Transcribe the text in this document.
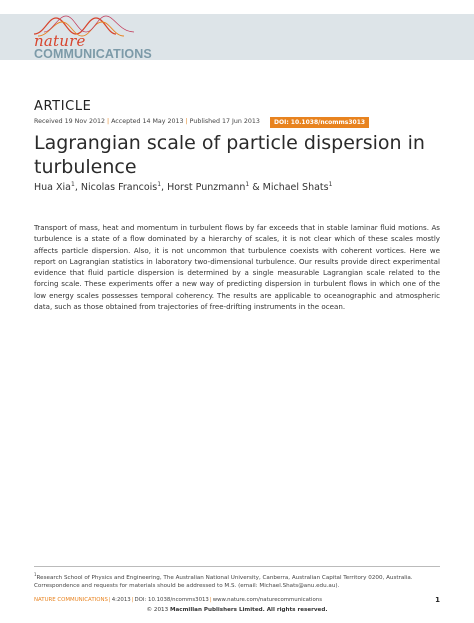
nature
COMMUNICATIONS
ARTICLE
Received 19 Nov 2012 | Accepted 14 May 2013 | Published 17 Jun 2013	DOI: 10.1038/ncomms3013
Lagrangian scale of particle dispersion in turbulence
Hua Xia$^1$, Nicolas Francois$^1$, Horst Punzmann$^1$ & Michael Shats$^1$

Transport of mass, heat and momentum in turbulent flows by far exceeds that in stable laminar fluid motions. As turbulence is a state of a flow dominated by a hierarchy of scales, it is not clear which of these scales mostly affects particle dispersion. Also, it is not uncommon that turbulence coexists with coherent vortices. Here we report on Lagrangian statistics in laboratory two-dimensional turbulence. Our results provide direct experimental evidence that fluid particle dispersion is determined by a single measurable Lagrangian scale related to the forcing scale. These experiments offer a new way of predicting dispersion in turbulent flows in which one of the low energy scales possesses temporal coherency. The results are applicable to oceanographic and atmospheric data, such as those obtained from trajectories of free-drifting instruments in the ocean.

$^1$Research School of Physics and Engineering, The Australian National University, Canberra, Australian Capital Territory 0200, Australia. Correspondence and requests for materials should be addressed to M.S. (email: Michael.Shats@anu.edu.au).

NATURE COMMUNICATIONS|4:2013|DOI: 10.1038/ncomms3013|www.nature.com/naturecommunications	1
© 2013 Macmillan Publishers Limited. All rights reserved.
